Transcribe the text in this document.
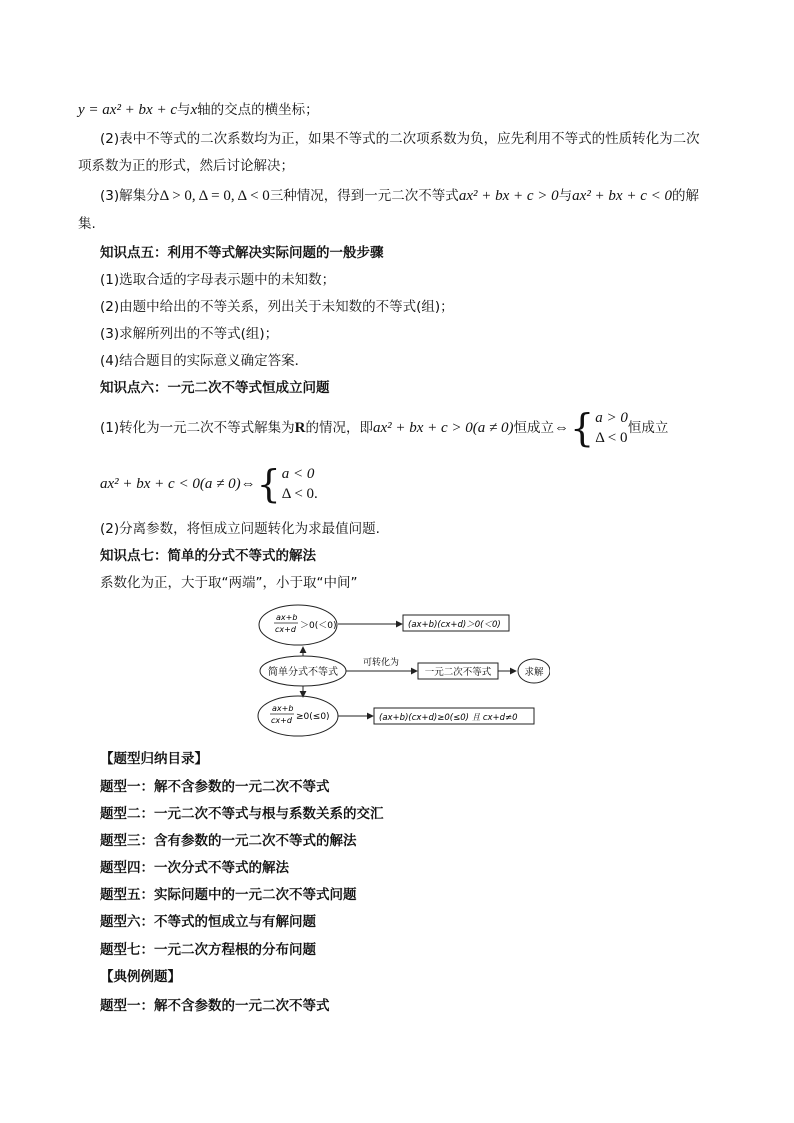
y = ax² + bx + c与x轴的交点的横坐标；
(2)表中不等式的二次系数均为正，如果不等式的二次项系数为负，应先利用不等式的性质转化为二次
项系数为正的形式，然后讨论解决；
(3)解集分Δ > 0, Δ = 0, Δ < 0三种情况，得到一元二次不等式ax² + bx + c > 0与ax² + bx + c < 0的解
集.
知识点五：利用不等式解决实际问题的一般步骤
(1)选取合适的字母表示题中的未知数；
(2)由题中给出的不等关系，列出关于未知数的不等式(组)；
(3)求解所列出的不等式(组)；
(4)结合题目的实际意义确定答案．
知识点六：一元二次不等式恒成立问题
(1)转化为一元二次不等式解集为R的情况，即ax² + bx + c > 0(a ≠ 0)恒成立⇔{ a > 0
Δ < 0
恒成立
ax² + bx + c < 0(a ≠ 0)⇔{ a < 0
Δ < 0.
(2)分离参数，将恒成立问题转化为求最值问题.
知识点七：简单的分式不等式的解法
系数化为正，大于取“两端”，小于取“中间”
ax+b
cx+d ＞0(＜0)	(ax+b)(cx+d)＞0(＜0)
简单分式不等式
可转化为
一元二次不等式	求解
ax+b
cx+d ≥0(≤0)	(ax+b)(cx+d)≥0(≤0) 且 cx+d≠0
【题型归纳目录】
题型一：解不含参数的一元二次不等式
题型二：一元二次不等式与根与系数关系的交汇
题型三：含有参数的一元二次不等式的解法
题型四：一次分式不等式的解法
题型五：实际问题中的一元二次不等式问题
题型六：不等式的恒成立与有解问题
题型七：一元二次方程根的分布问题
【典例例题】
题型一：解不含参数的一元二次不等式
